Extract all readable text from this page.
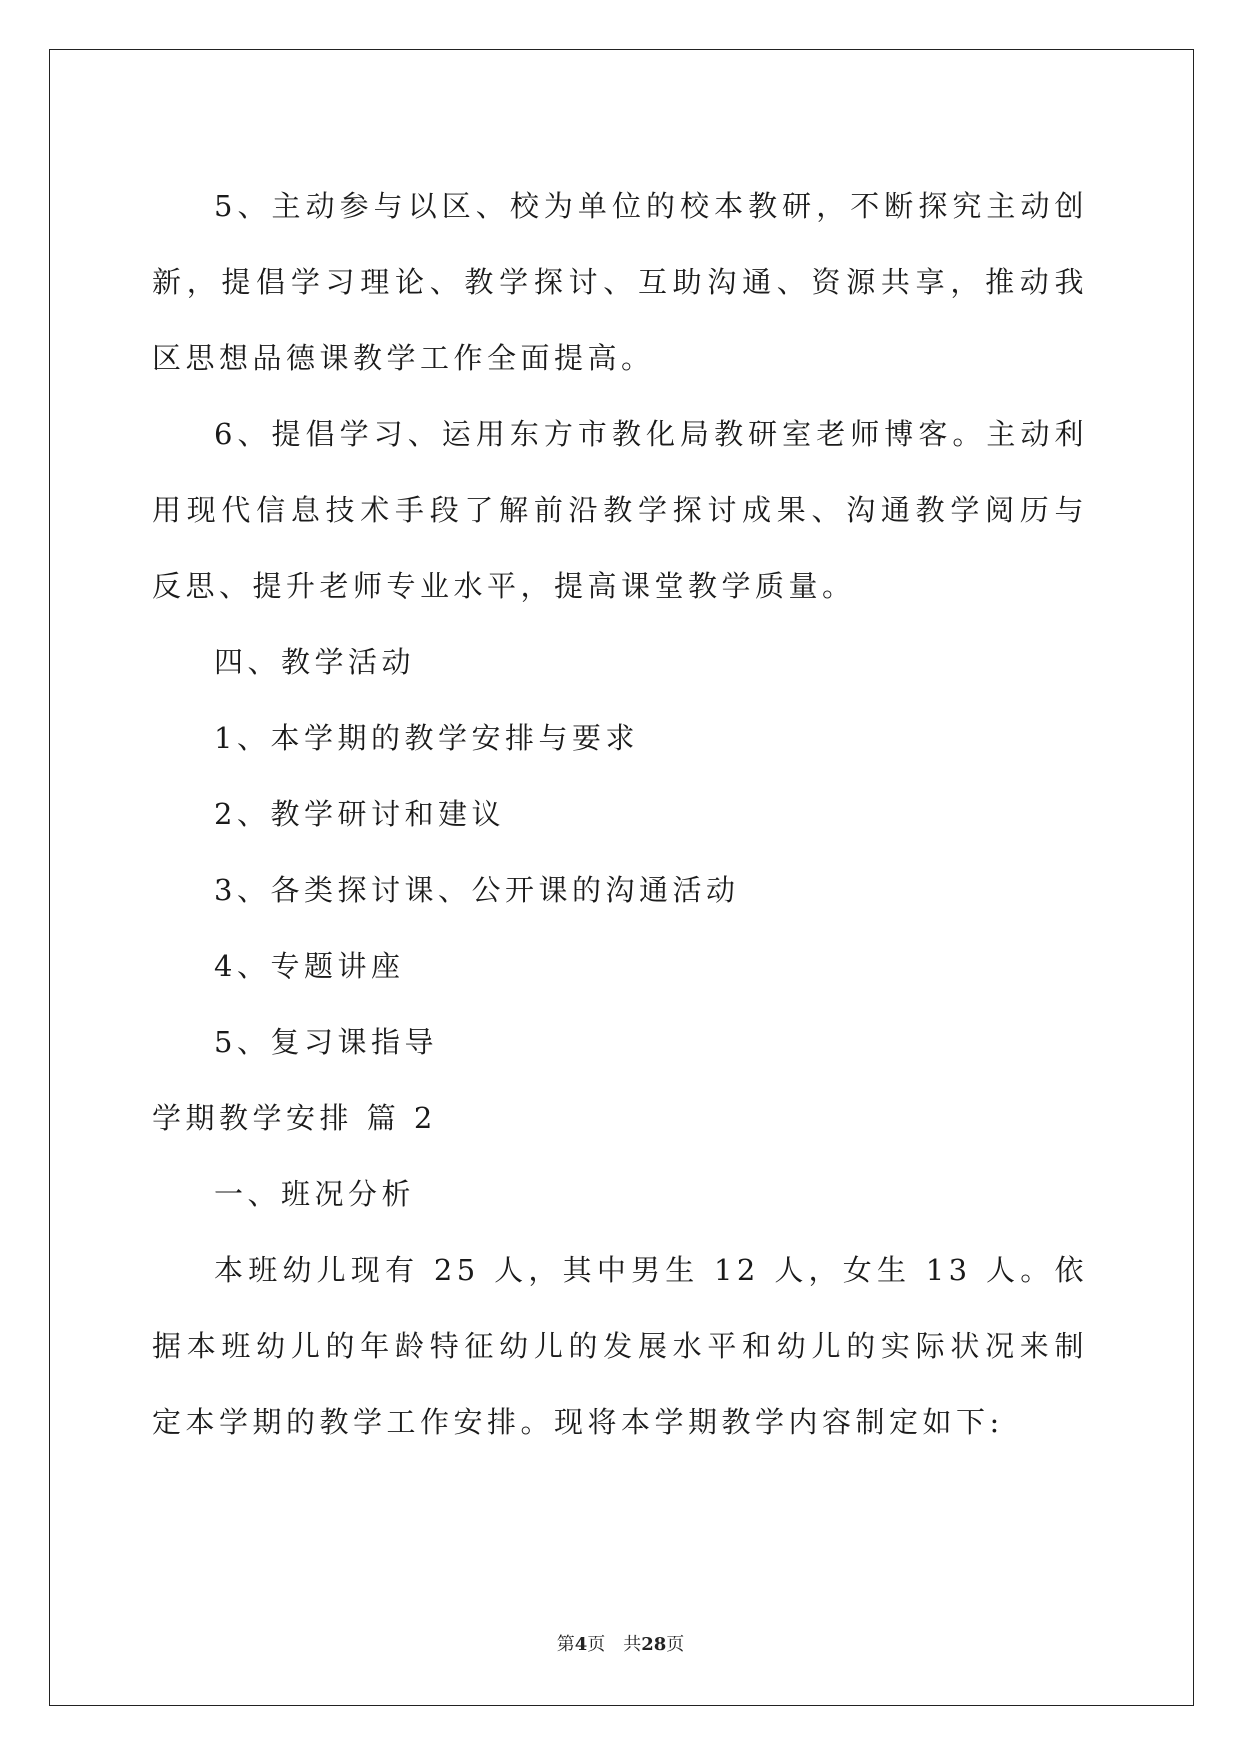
5、主动参与以区、校为单位的校本教研，不断探究主动创新，提倡学习理论、教学探讨、互助沟通、资源共享，推动我区思想品德课教学工作全面提高。

6、提倡学习、运用东方市教化局教研室老师博客。主动利用现代信息技术手段了解前沿教学探讨成果、沟通教学阅历与反思、提升老师专业水平，提高课堂教学质量。

四、教学活动

1、本学期的教学安排与要求

2、教学研讨和建议

3、各类探讨课、公开课的沟通活动

4、专题讲座

5、复习课指导

学期教学安排 篇 2

一、班况分析

本班幼儿现有 25 人，其中男生 12 人，女生 13 人。依据本班幼儿的年龄特征幼儿的发展水平和幼儿的实际状况来制定本学期的教学工作安排。现将本学期教学内容制定如下:

第4页 共28页
